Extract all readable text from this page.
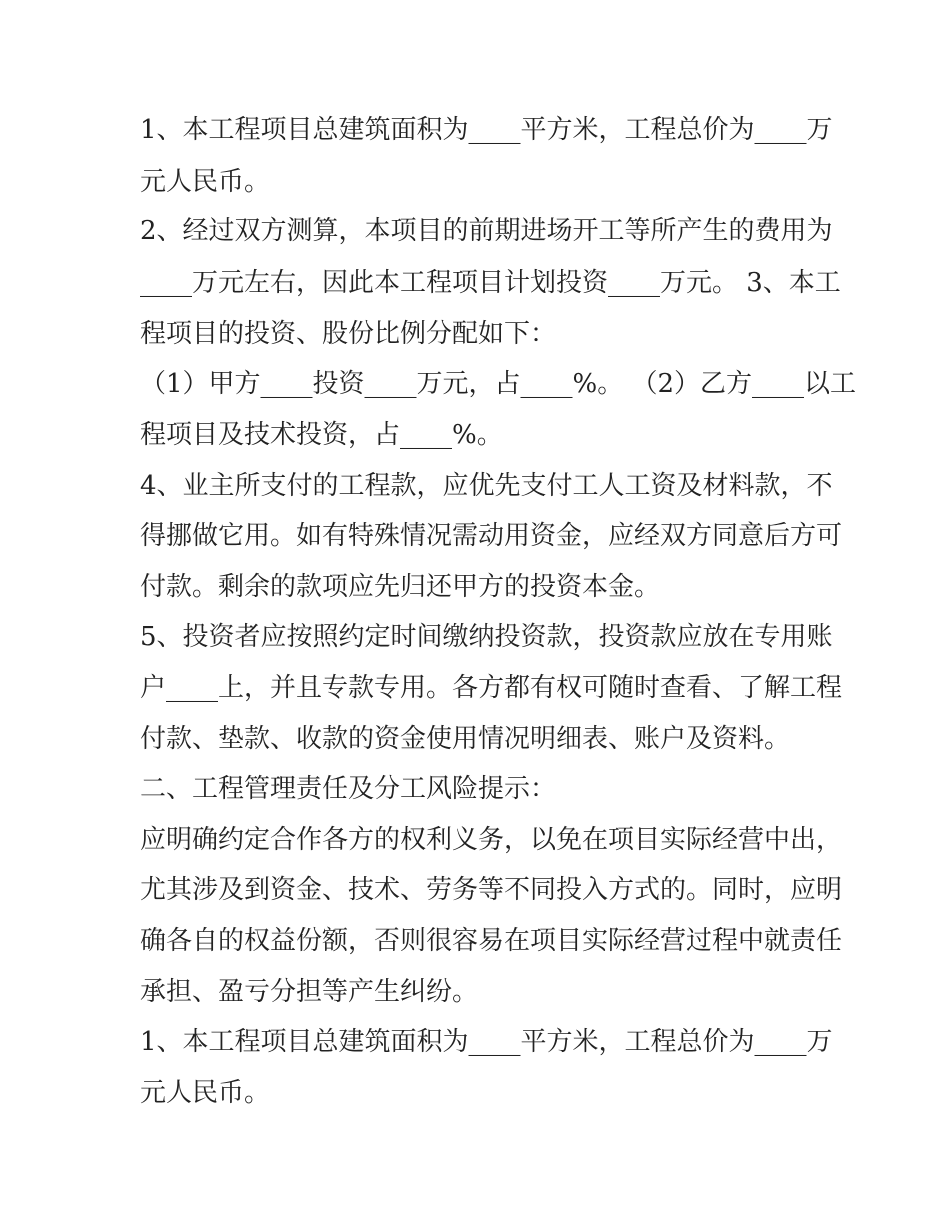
1、本工程项目总建筑面积为____平方米，工程总价为____万
元人民币。
2、经过双方测算，本项目的前期进场开工等所产生的费用为
____万元左右，因此本工程项目计划投资____万元。 3、本工
程项目的投资、股份比例分配如下：
（1）甲方____投资____万元，占____%。 （2）乙方____以工
程项目及技术投资，占____%。
4、业主所支付的工程款，应优先支付工人工资及材料款，不
得挪做它用。如有特殊情况需动用资金，应经双方同意后方可
付款。剩余的款项应先归还甲方的投资本金。
5、投资者应按照约定时间缴纳投资款，投资款应放在专用账
户____上，并且专款专用。各方都有权可随时查看、了解工程
付款、垫款、收款的资金使用情况明细表、账户及资料。
二、工程管理责任及分工风险提示：
应明确约定合作各方的权利义务，以免在项目实际经营中出，
尤其涉及到资金、技术、劳务等不同投入方式的。同时，应明
确各自的权益份额，否则很容易在项目实际经营过程中就责任
承担、盈亏分担等产生纠纷。
1、本工程项目总建筑面积为____平方米，工程总价为____万
元人民币。
